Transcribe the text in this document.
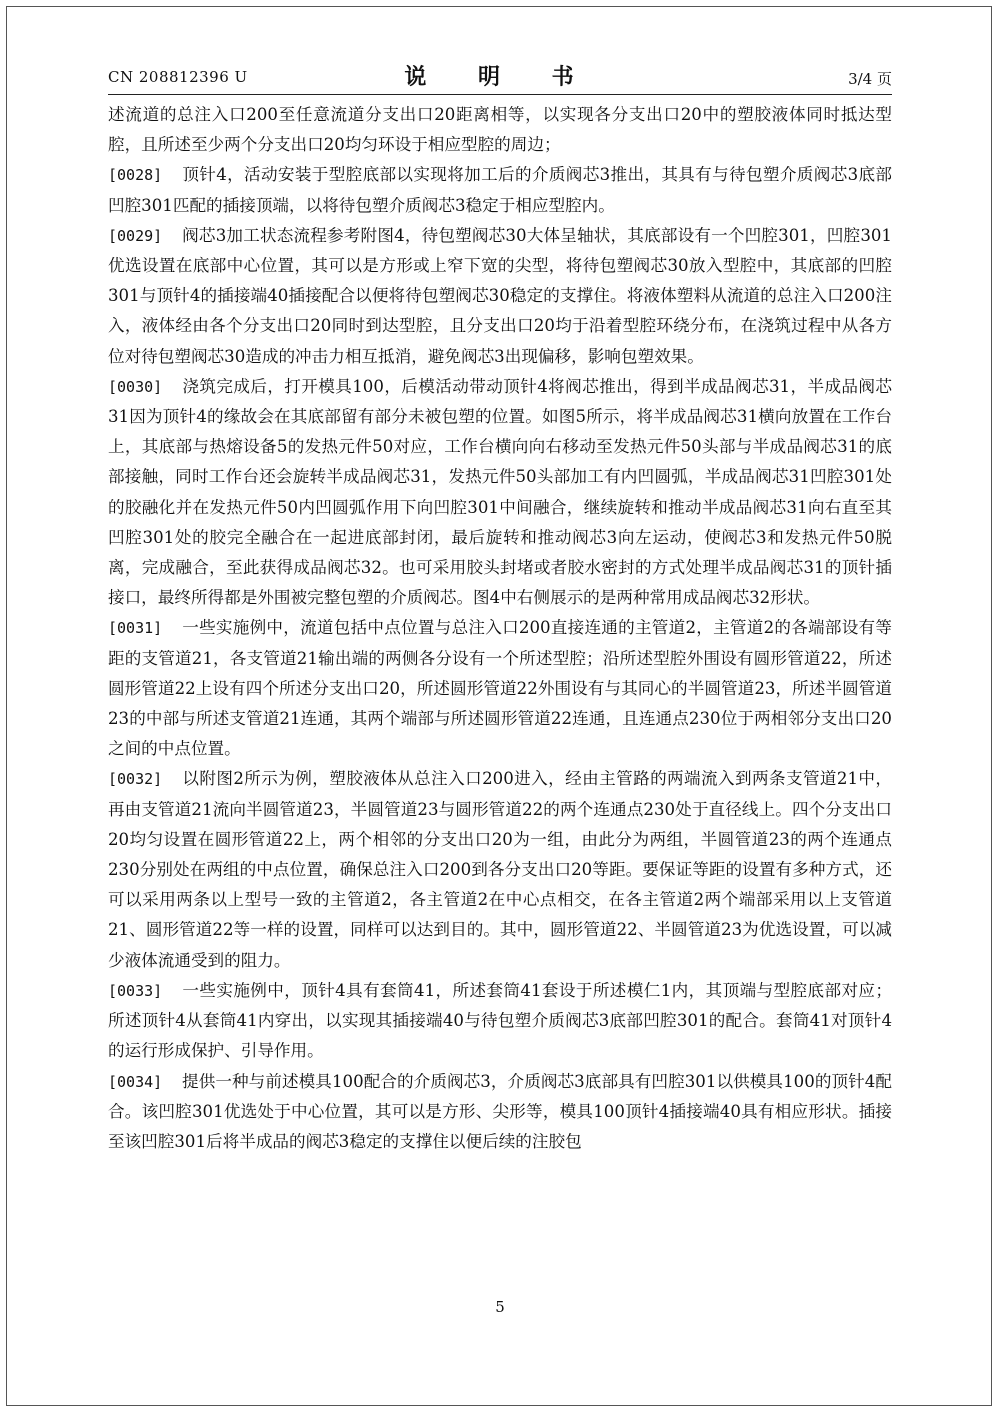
CN 208812396 U	说 明 书	3/4 页

述流道的总注入口200至任意流道分支出口20距离相等，以实现各分支出口20中的塑胶液体同时抵达型腔，且所述至少两个分支出口20均匀环设于相应型腔的周边；

[0028] 顶针4，活动安装于型腔底部以实现将加工后的介质阀芯3推出，其具有与待包塑介质阀芯3底部凹腔301匹配的插接顶端，以将待包塑介质阀芯3稳定于相应型腔内。

[0029] 阀芯3加工状态流程参考附图4，待包塑阀芯30大体呈轴状，其底部设有一个凹腔301，凹腔301优选设置在底部中心位置，其可以是方形或上窄下宽的尖型，将待包塑阀芯30放入型腔中，其底部的凹腔301与顶针4的插接端40插接配合以便将待包塑阀芯30稳定的支撑住。将液体塑料从流道的总注入口200注入，液体经由各个分支出口20同时到达型腔，且分支出口20均于沿着型腔环绕分布，在浇筑过程中从各方位对待包塑阀芯30造成的冲击力相互抵消，避免阀芯3出现偏移，影响包塑效果。

[0030] 浇筑完成后，打开模具100，后模活动带动顶针4将阀芯推出，得到半成品阀芯31，半成品阀芯31因为顶针4的缘故会在其底部留有部分未被包塑的位置。如图5所示，将半成品阀芯31横向放置在工作台上，其底部与热熔设备5的发热元件50对应，工作台横向向右移动至发热元件50头部与半成品阀芯31的底部接触，同时工作台还会旋转半成品阀芯31，发热元件50头部加工有内凹圆弧，半成品阀芯31凹腔301处的胶融化并在发热元件50内凹圆弧作用下向凹腔301中间融合，继续旋转和推动半成品阀芯31向右直至其凹腔301处的胶完全融合在一起进底部封闭，最后旋转和推动阀芯3向左运动，使阀芯3和发热元件50脱离，完成融合，至此获得成品阀芯32。也可采用胶头封堵或者胶水密封的方式处理半成品阀芯31的顶针插接口，最终所得都是外围被完整包塑的介质阀芯。图4中右侧展示的是两种常用成品阀芯32形状。

[0031] 一些实施例中，流道包括中点位置与总注入口200直接连通的主管道2，主管道2的各端部设有等距的支管道21，各支管道21输出端的两侧各分设有一个所述型腔；沿所述型腔外围设有圆形管道22，所述圆形管道22上设有四个所述分支出口20，所述圆形管道22外围设有与其同心的半圆管道23，所述半圆管道23的中部与所述支管道21连通，其两个端部与所述圆形管道22连通，且连通点230位于两相邻分支出口20之间的中点位置。

[0032] 以附图2所示为例，塑胶液体从总注入口200进入，经由主管路的两端流入到两条支管道21中，再由支管道21流向半圆管道23，半圆管道23与圆形管道22的两个连通点230处于直径线上。四个分支出口20均匀设置在圆形管道22上，两个相邻的分支出口20为一组，由此分为两组，半圆管道23的两个连通点230分别处在两组的中点位置，确保总注入口200到各分支出口20等距。要保证等距的设置有多种方式，还可以采用两条以上型号一致的主管道2，各主管道2在中心点相交，在各主管道2两个端部采用以上支管道21、圆形管道22等一样的设置，同样可以达到目的。其中，圆形管道22、半圆管道23为优选设置，可以减少液体流通受到的阻力。

[0033] 一些实施例中，顶针4具有套筒41，所述套筒41套设于所述模仁1内，其顶端与型腔底部对应；所述顶针4从套筒41内穿出，以实现其插接端40与待包塑介质阀芯3底部凹腔301的配合。套筒41对顶针4的运行形成保护、引导作用。

[0034] 提供一种与前述模具100配合的介质阀芯3，介质阀芯3底部具有凹腔301以供模具100的顶针4配合。该凹腔301优选处于中心位置，其可以是方形、尖形等，模具100顶针4插接端40具有相应形状。插接至该凹腔301后将半成品的阀芯3稳定的支撑住以便后续的注胶包

5
